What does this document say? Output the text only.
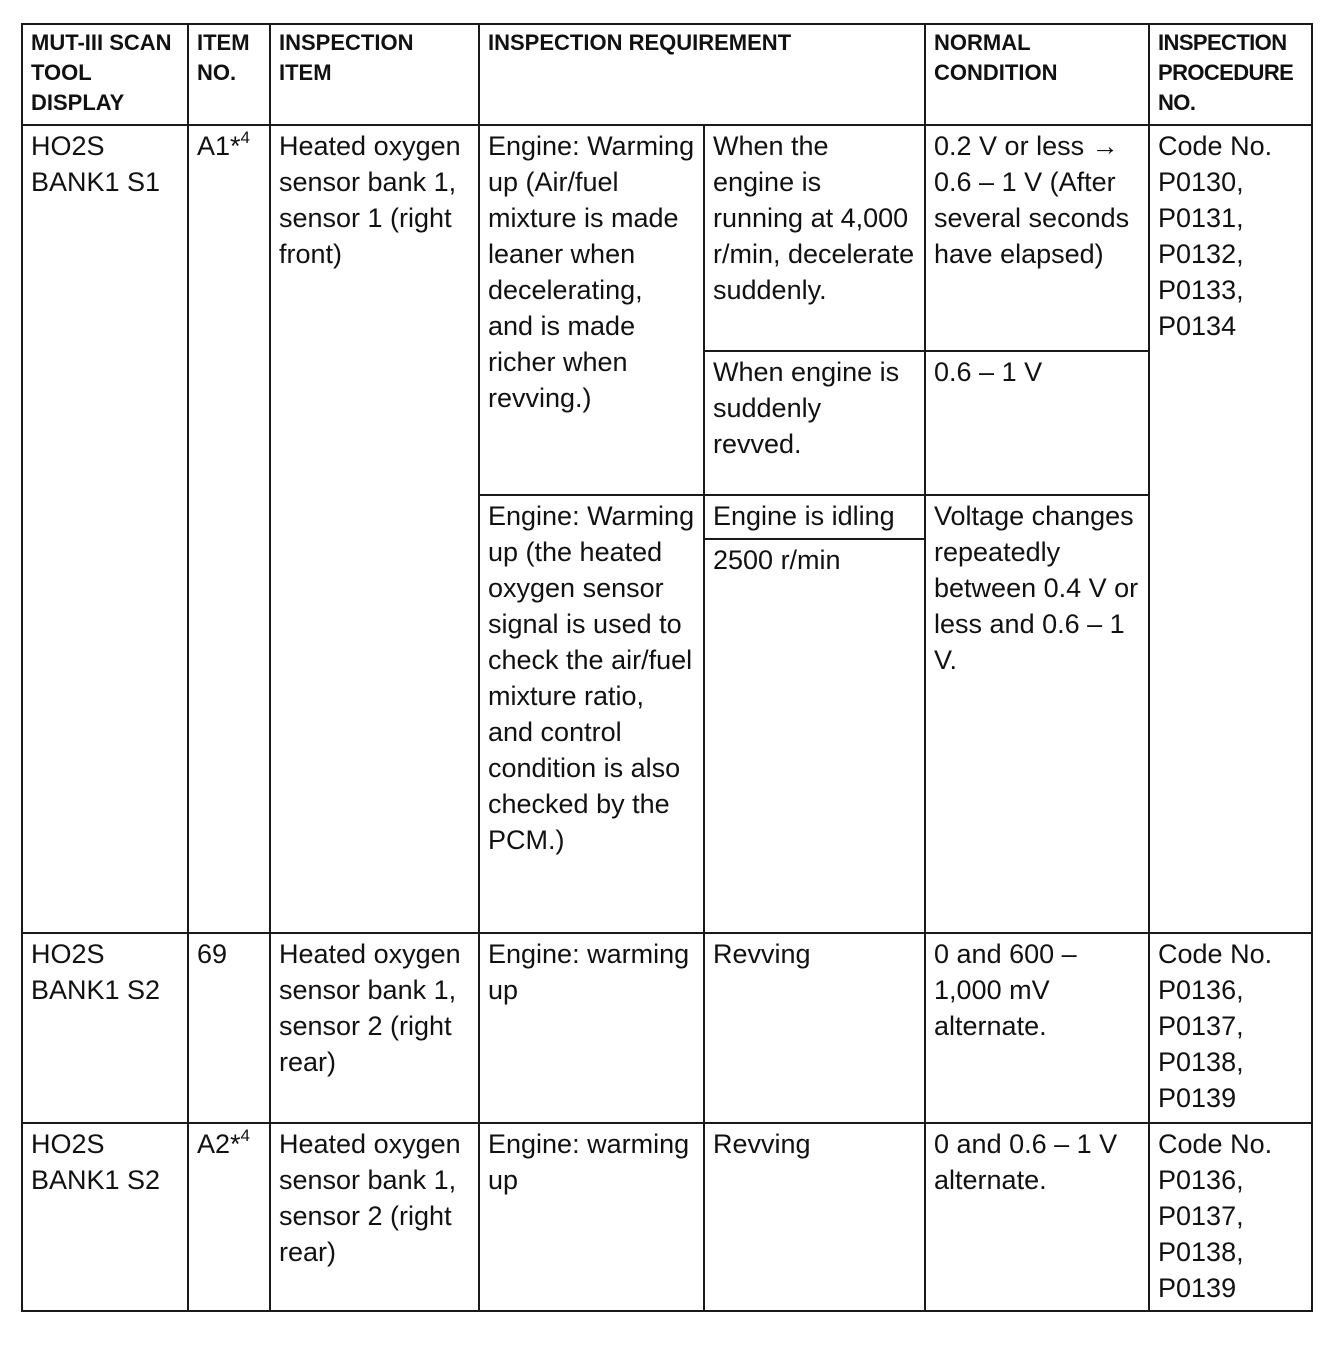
MUT-III SCAN TOOL DISPLAY	ITEM NO.	INSPECTION ITEM	INSPECTION REQUIREMENT		NORMAL CONDITION	INSPECTION PROCEDURE NO.
HO2S BANK1 S1	A1*$^4$	Heated oxygen sensor bank 1, sensor 1 (right front)	Engine: Warming up (Air/fuel mixture is made leaner when decelerating, and is made richer when revving.)	When the engine is running at 4,000 r/min, decelerate suddenly.	0.2 V or less → 0.6 – 1 V (After several seconds have elapsed)	Code No. P0130, P0131, P0132, P0133, P0134
				When engine is suddenly revved.	0.6 – 1 V	
			Engine: Warming up (the heated oxygen sensor signal is used to check the air/fuel mixture ratio, and control condition is also checked by the PCM.)	Engine is idling	Voltage changes repeatedly between 0.4 V or less and 0.6 – 1 V.	
				2500 r/min		
HO2S BANK1 S2	69	Heated oxygen sensor bank 1, sensor 2 (right rear)	Engine: warming up	Revving	0 and 600 – 1,000 mV alternate.	Code No. P0136, P0137, P0138, P0139
HO2S BANK1 S2	A2*$^4$	Heated oxygen sensor bank 1, sensor 2 (right rear)	Engine: warming up	Revving	0 and 0.6 – 1 V alternate.	Code No. P0136, P0137, P0138, P0139
